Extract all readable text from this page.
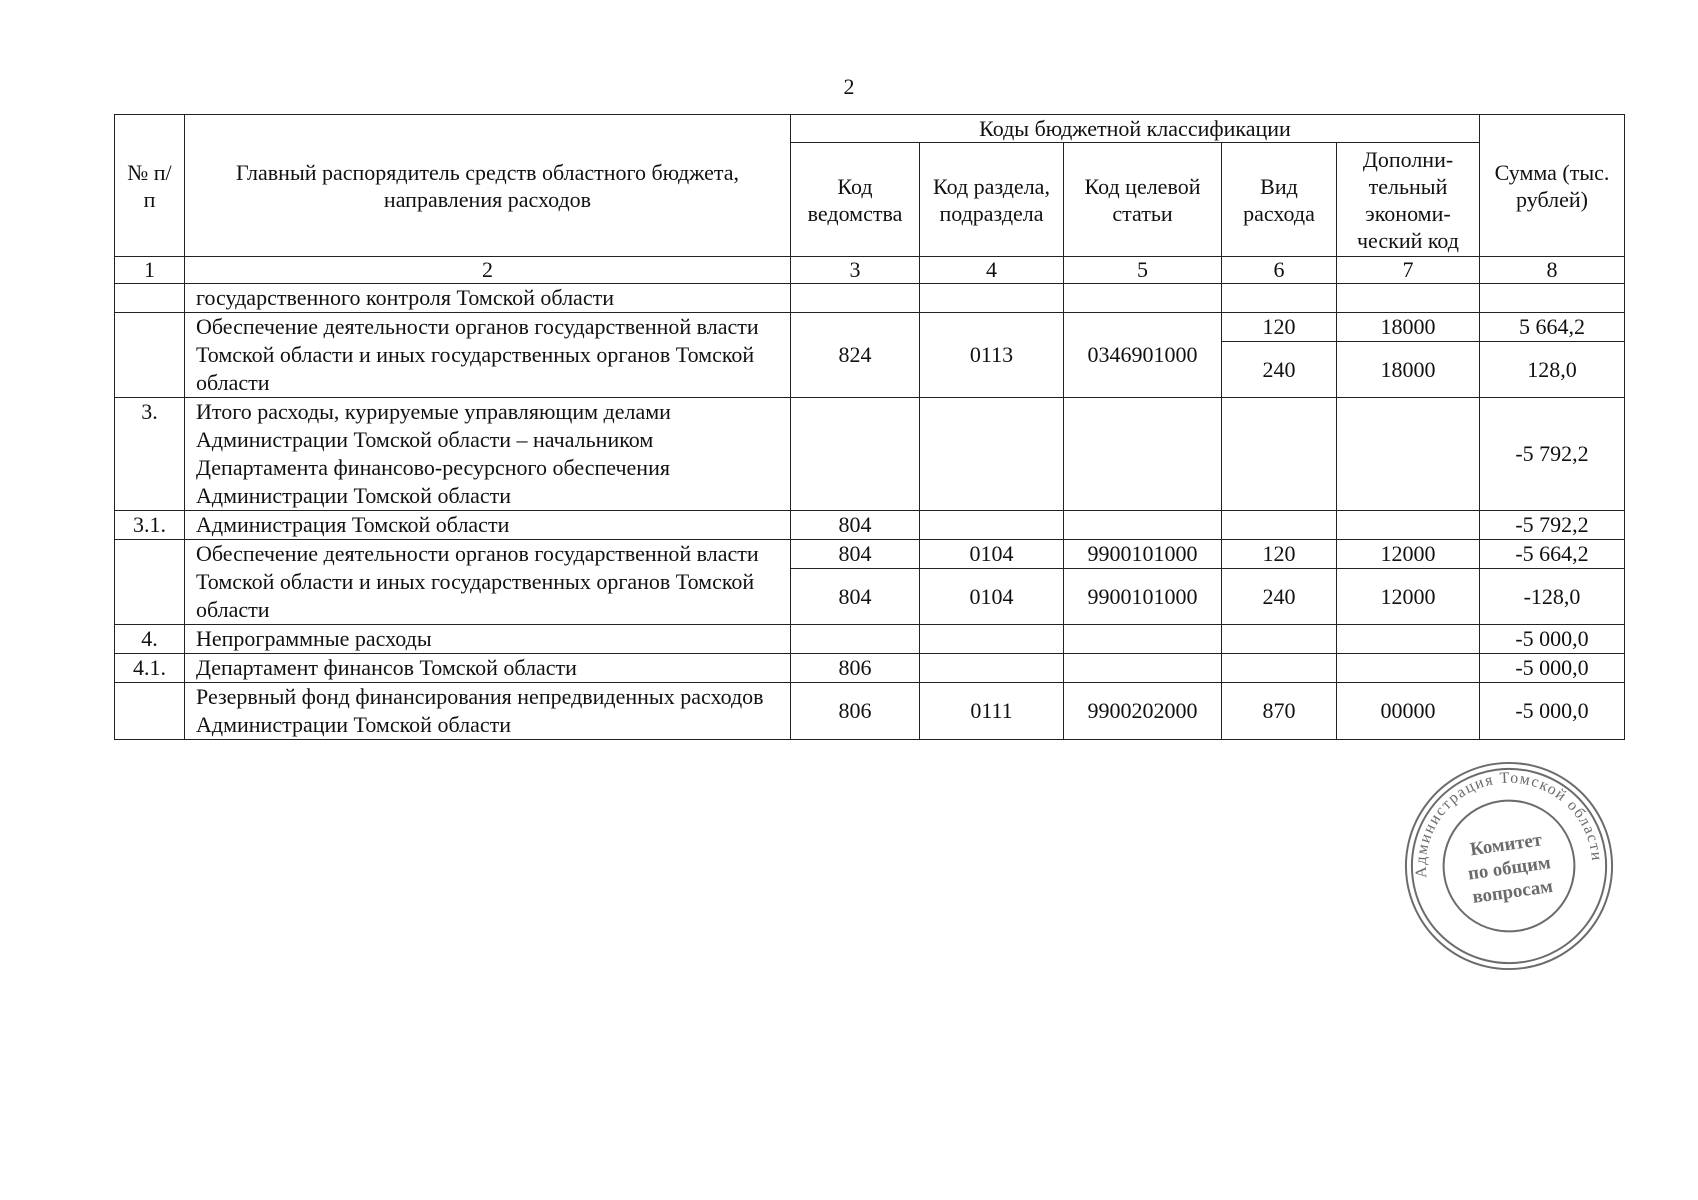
2
№ п/п	Главный распорядитель средств областного бюджета, направления расходов	Коды бюджетной классификации					Сумма (тыс. рублей)
		Код ведомства	Код раздела, подраздела	Код целевой статьи	Вид расхода	Дополни-тельный экономи-ческий код	
1	2	3	4	5	6	7	8
	государственного контроля Томской области						
	Обеспечение деятельности органов государственной власти Томской области и иных государственных органов Томской области	824	0113	0346901000	120	18000	5 664,2
					240	18000	128,0
3.	Итого расходы, курируемые управляющим делами Администрации Томской области – начальником Департамента финансово-ресурсного обеспечения Администрации Томской области						-5 792,2
3.1.	Администрация Томской области	804					-5 792,2
	Обеспечение деятельности органов государственной власти Томской области и иных государственных органов Томской области	804	0104	9900101000	120	12000	-5 664,2
		804	0104	9900101000	240	12000	-128,0
4.	Непрограммные расходы						-5 000,0
4.1.	Департамент финансов Томской области	806					-5 000,0
	Резервный фонд финансирования непредвиденных расходов Администрации Томской области	806	0111	9900202000	870	00000	-5 000,0
Администрация Томской области
Комитет
по общим
вопросам
